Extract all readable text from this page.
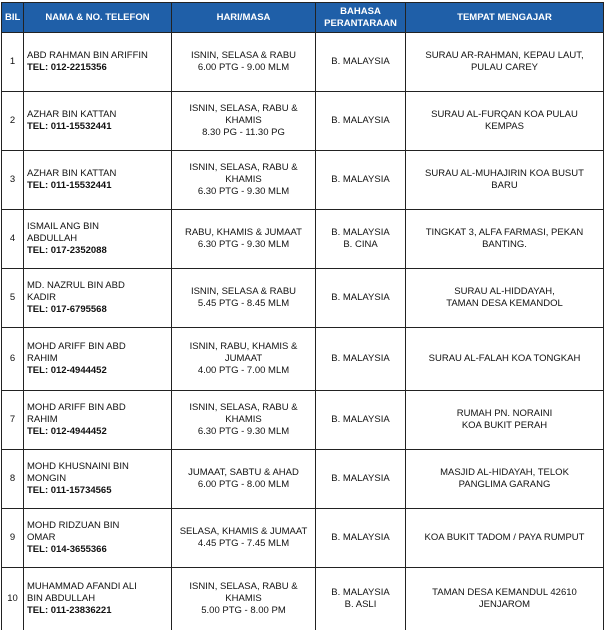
BIL	NAMA & NO. TELEFON	HARI/MASA	BAHASA
PERANTARAAN	TEMPAT MENGAJAR
1	ABD RAHMAN BIN ARIFFIN
TEL: 012-2215356	ISNIN, SELASA & RABU
6.00 PTG - 9.00 MLM	B. MALAYSIA	SURAU AR-RAHMAN, KEPAU LAUT,
PULAU CAREY

2	AZHAR BIN KATTAN
TEL: 011-15532441	ISNIN, SELASA, RABU & KHAMIS
8.30 PG - 11.30 PG	B. MALAYSIA	SURAU AL-FURQAN KOA PULAU
KEMPAS

3	AZHAR BIN KATTAN
TEL: 011-15532441	ISNIN, SELASA, RABU & KHAMIS
6.30 PTG - 9.30 MLM	B. MALAYSIA	SURAU AL-MUHAJIRIN KOA BUSUT
BARU

4	ISMAIL ANG BIN
ABDULLAH
TEL: 017-2352088	RABU, KHAMIS & JUMAAT
6.30 PTG - 9.30 MLM	B. MALAYSIA
B. CINA	TINGKAT 3, ALFA FARMASI, PEKAN
BANTING.

5	MD. NAZRUL BIN ABD
KADIR
TEL: 017-6795568	ISNIN, SELASA & RABU
5.45 PTG - 8.45 MLM	B. MALAYSIA	SURAU AL-HIDDAYAH,
TAMAN DESA KEMANDOL

6	MOHD ARIFF BIN ABD
RAHIM
TEL: 012-4944452	ISNIN, RABU, KHAMIS &
JUMAAT
4.00 PTG - 7.00 MLM	B. MALAYSIA	SURAU AL-FALAH KOA TONGKAH

7	MOHD ARIFF BIN ABD
RAHIM
TEL: 012-4944452	ISNIN, SELASA, RABU & KHAMIS
6.30 PTG - 9.30 MLM	B. MALAYSIA	RUMAH PN. NORAINI
KOA BUKIT PERAH

8	MOHD KHUSNAINI BIN
MONGIN
TEL: 011-15734565	JUMAAT, SABTU & AHAD
6.00 PTG - 8.00 MLM	B. MALAYSIA	MASJID AL-HIDAYAH, TELOK
PANGLIMA GARANG

9	MOHD RIDZUAN BIN
OMAR
TEL: 014-3655366	SELASA, KHAMIS & JUMAAT
4.45 PTG - 7.45 MLM	B. MALAYSIA	KOA BUKIT TADOM / PAYA RUMPUT

10	MUHAMMAD AFANDI ALI
BIN ABDULLAH
TEL: 011-23836221	ISNIN, SELASA, RABU & KHAMIS
5.00 PTG - 8.00 PM	B. MALAYSIA
B. ASLI	TAMAN DESA KEMANDUL 42610
JENJAROM
